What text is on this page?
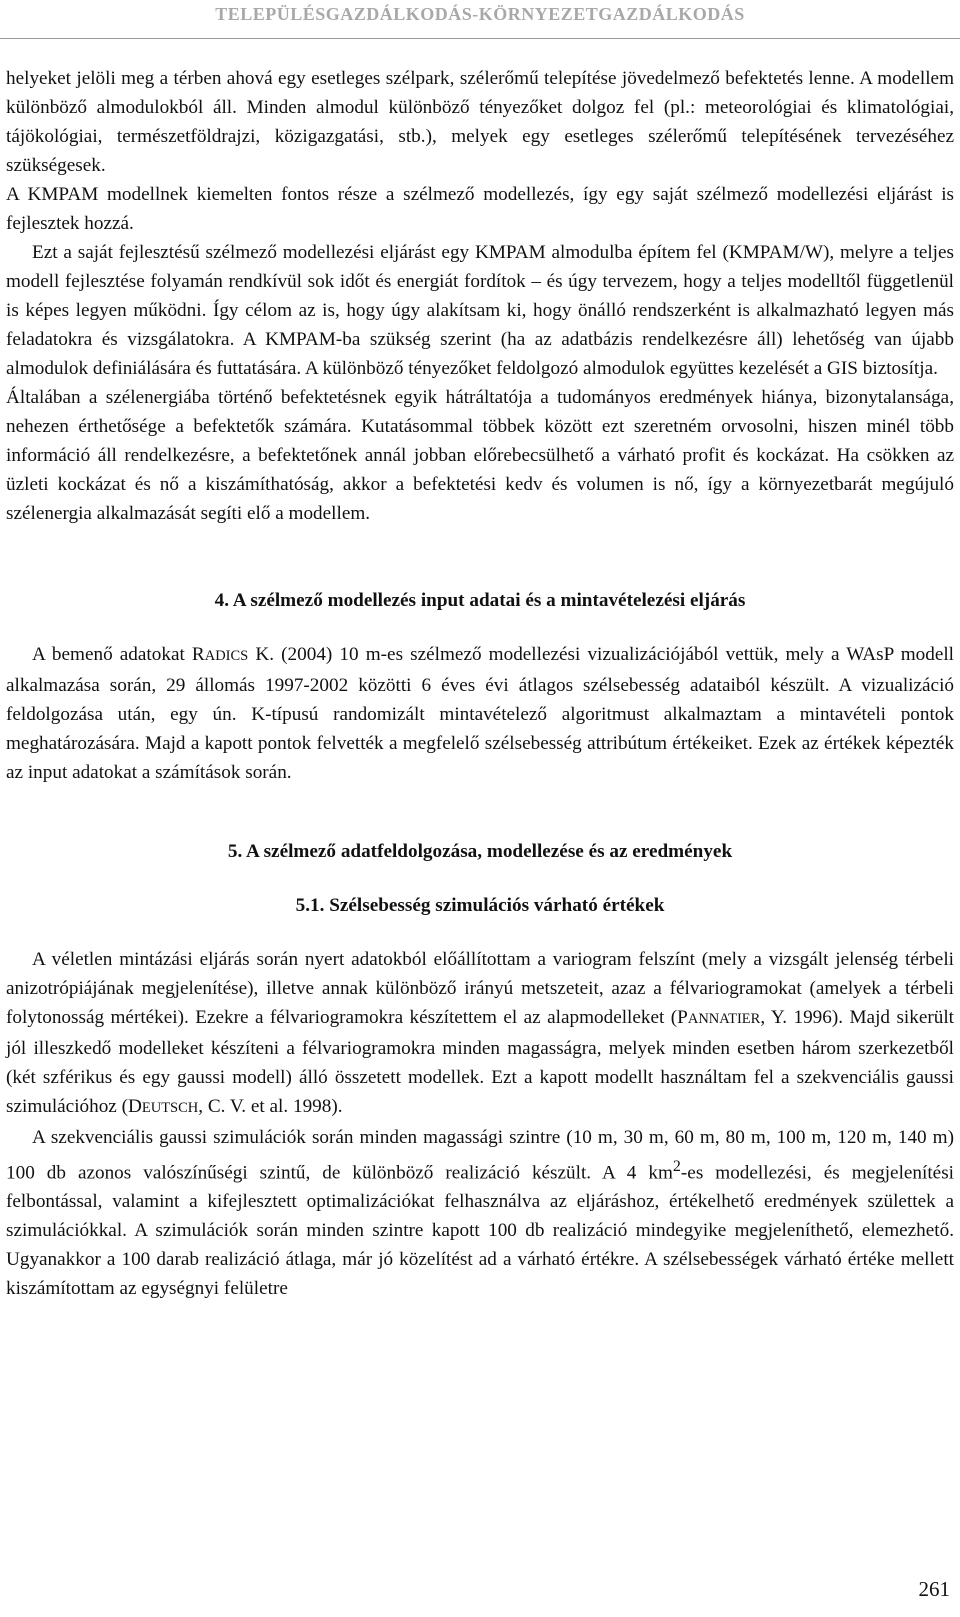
TELEPÜLÉSGAZDÁLKODÁS-KÖRNYEZETGAZDÁLKODÁS

helyeket jelöli meg a térben ahová egy esetleges szélpark, szélerőmű telepítése jövedelmező befektetés lenne. A modellem különböző almodulokból áll. Minden almodul különböző tényezőket dolgoz fel (pl.: meteorológiai és klimatológiai, tájökológiai, természetföldrajzi, közigazgatási, stb.), melyek egy esetleges szélerőmű telepítésének tervezéséhez szükségesek.

A KMPAM modellnek kiemelten fontos része a szélmező modellezés, így egy saját szélmező modellezési eljárást is fejlesztek hozzá.

Ezt a saját fejlesztésű szélmező modellezési eljárást egy KMPAM almodulba építem fel (KMPAM/W), melyre a teljes modell fejlesztése folyamán rendkívül sok időt és energiát fordítok – és úgy tervezem, hogy a teljes modelltől függetlenül is képes legyen működni. Így célom az is, hogy úgy alakítsam ki, hogy önálló rendszerként is alkalmazható legyen más feladatokra és vizsgálatokra. A KMPAM-ba szükség szerint (ha az adatbázis rendelkezésre áll) lehetőség van újabb almodulok definiálására és futtatására. A különböző tényezőket feldolgozó almodulok együttes kezelését a GIS biztosítja.

Általában a szélenergiába történő befektetésnek egyik hátráltatója a tudományos eredmények hiánya, bizonytalansága, nehezen érthetősége a befektetők számára. Kutatásommal többek között ezt szeretném orvosolni, hiszen minél több információ áll rendelkezésre, a befektetőnek annál jobban előrebecsülhető a várható profit és kockázat. Ha csökken az üzleti kockázat és nő a kiszámíthatóság, akkor a befektetési kedv és volumen is nő, így a környezetbarát megújuló szélenergia alkalmazását segíti elő a modellem.

4. A szélmező modellezés input adatai és a mintavételezési eljárás

A bemenő adatokat RADICS K. (2004) 10 m-es szélmező modellezési vizualizációjából vettük, mely a WAsP modell alkalmazása során, 29 állomás 1997-2002 közötti 6 éves évi átlagos szélsebesség adataiból készült. A vizualizáció feldolgozása után, egy ún. K-típusú randomizált mintavételező algoritmust alkalmaztam a mintavételi pontok meghatározására. Majd a kapott pontok felvették a megfelelő szélsebesség attribútum értékeiket. Ezek az értékek képezték az input adatokat a számítások során.

5. A szélmező adatfeldolgozása, modellezése és az eredmények
5.1. Szélsebesség szimulációs várható értékek

A véletlen mintázási eljárás során nyert adatokból előállítottam a variogram felszínt (mely a vizsgált jelenség térbeli anizotrópiájának megjelenítése), illetve annak különböző irányú metszeteit, azaz a félvariogramokat (amelyek a térbeli folytonosság mértékei). Ezekre a félvariogramokra készítettem el az alapmodelleket (PANNATIER, Y. 1996). Majd sikerült jól illeszkedő modelleket készíteni a félvariogramokra minden magasságra, melyek minden esetben három szerkezetből (két szférikus és egy gaussi modell) álló összetett modellek. Ezt a kapott modellt használtam fel a szekvenciális gaussi szimulációhoz (DEUTSCH, C. V. et al. 1998).

A szekvenciális gaussi szimulációk során minden magassági szintre (10 m, 30 m, 60 m, 80 m, 100 m, 120 m, 140 m) 100 db azonos valószínűségi szintű, de különböző realizáció készült. A 4 $km^2-es$ modellezési, és megjelenítési felbontással, valamint a kifejlesztett optimalizációkat felhasználva az eljáráshoz, értékelhető eredmények születtek a szimulációkkal. A szimulációk során minden szintre kapott 100 db realizáció mindegyike megjeleníthető, elemezhető. Ugyanakkor a 100 darab realizáció átlaga, már jó közelítést ad a várható értékre. A szélsebességek várható értéke mellett kiszámítottam az egységnyi felületre

261
